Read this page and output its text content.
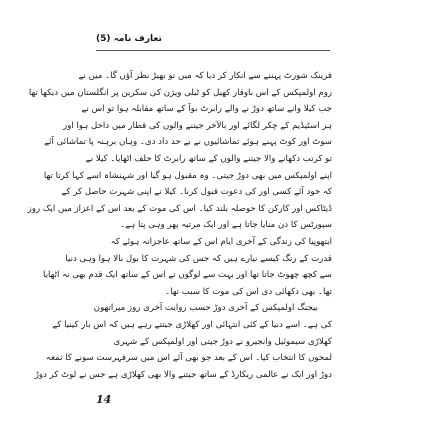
تعارف نامہ (5)
فرینک شورٹ پہننے سے انکار کر دیا کہ میں تو بھیڑ نظر آؤں گا۔ میں نے
روم اولمپکس کے اس باوقار کھیل کو ٹیلی ویژن کی سکرین پر انگلستان میں دیکھا تھا
جب کیلا وانے ساتھ دوڑ نے والے رابرٹ بوآ کے ساتھ مقابلہ ہوا تو اس نے
ہر اسٹیڈیم کے چکر لگائے اور بالآخر جیتنے والوں کی قطار میں داخل ہوا اور
سوٹ اور کوٹ پہنے ہوئے تماشائیوں نے بے حد داد دی۔ وہاں برہنہ پا تماشائی آئے
تو کرتب دکھانے والا جیتنے والوں کے ساتھ رابرٹ کا حلف اٹھایا۔ کیلا نے
اپنے اولمپکس میں بھی دوڑ جیتی۔ وہ مقبول ہو گیا اور شہنشاہ اسے کہا کرتا تھا
کہ خود آئے کسی اور کی دعوت قبول کرنا۔ کیلا نے اپنی شہرت حاصل کر کے
ڈیٹاکس اور کارکن کا حوصلہ بلند کیا۔ اس کی موت کے بعد اس کے اعزاز میں ایک روز
سپورٹس کا دن منایا جاتا ہے اور ایک مرتبہ پھر وہی پتا ہے۔
ایتھوپیا کی زندگی کے آخری ایام اس کے ساتھ عاجزانہ ہوئے کہ
قدرت کے رنگ کیسے نیارے ہیں کہ جس کی شہرت کا بول بالا ہوا وہی دنیا
سے کچھ چھوٹ جاتا تھا اور بہت سے لوگوں نے اس کے ساتھ ایک قدم بھی نہ اٹھایا
تھا۔ بھی دکھائی دی اس کی موت کا سبب تھا۔
بیجنگ اولمپکس کے آخری دوڑ حسب روایت آخری روز میراتھون
کی ہے۔ اسے دنیا کے کئی انتہائی اور کھلاڑی جیتتے رہے ہیں کہ اس بار کینیا کے
کھلاڑی سیموئیل وانجیرو نے دوڑ جیتی اور اولمپکس کے شہری
لمحوں کا انتخاب کیا۔ اس کے بعد جو بھی آئے اس میں سرفہرست سونے کا تمغہ
دوڑ اور ایک نے عالمی ریکارڈ کے ساتھ جیتنے والا بھی کھلاڑی ہے جس نے لوٹ کر دوڑ
14
